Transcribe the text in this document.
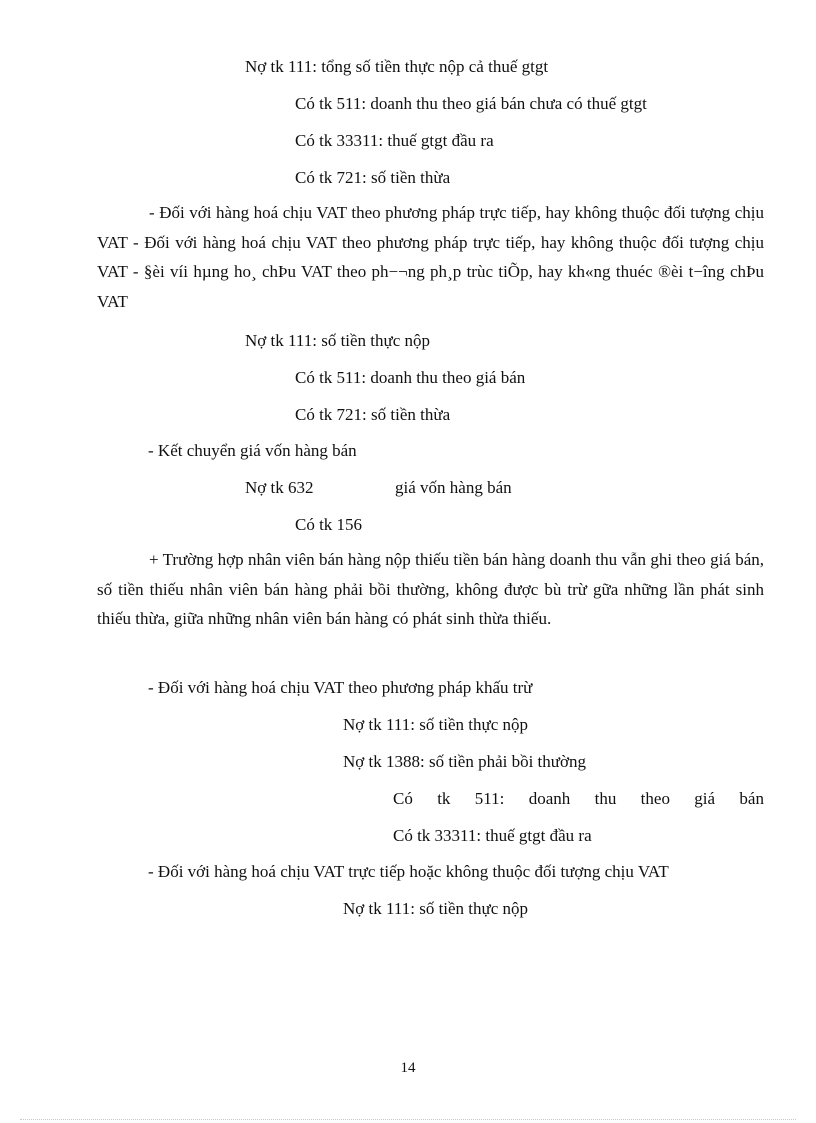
Nợ tk 111: tổng số tiền thực nộp cả thuế gtgt
Có tk 511: doanh thu theo giá bán chưa có thuế gtgt
Có tk 33311: thuế gtgt đầu ra
Có tk 721: số tiền thừa
- Đối với hàng hoá chịu VAT theo phương pháp trực tiếp, hay không thuộc đối tượng chịu VAT - Đối với hàng hoá chịu VAT theo phương pháp trực tiếp, hay không thuộc đối tượng chịu VAT - §èi víi hµng ho¸ chÞu VAT theo ph−¬ng ph¸p trùc tiÕp, hay kh«ng thuéc ®èi t−îng chÞu VAT
Nợ tk 111: số tiền thực nộp
Có tk 511: doanh thu theo giá bán
Có tk 721: số tiền thừa
- Kết chuyển giá vốn hàng bán
Nợ tk 632	giá vốn hàng bán
Có tk 156
+ Trường hợp nhân viên bán hàng nộp thiếu tiền bán hàng doanh thu vẫn ghi theo giá bán, số tiền thiếu nhân viên bán hàng phải bồi thường, không được bù trừ gữa những lần phát sinh thiếu thừa, giữa những nhân viên bán hàng có phát sinh thừa thiếu.
- Đối với hàng hoá chịu VAT theo phương pháp khấu trừ
Nợ tk 111: số tiền thực nộp
Nợ tk 1388: số tiền phải bồi thường
Có tk 511: doanh thu theo giá bán
Có tk 33311: thuế gtgt đầu ra
- Đối với hàng hoá chịu VAT trực tiếp hoặc không thuộc đối tượng chịu VAT
Nợ tk 111: số tiền thực nộp
14
